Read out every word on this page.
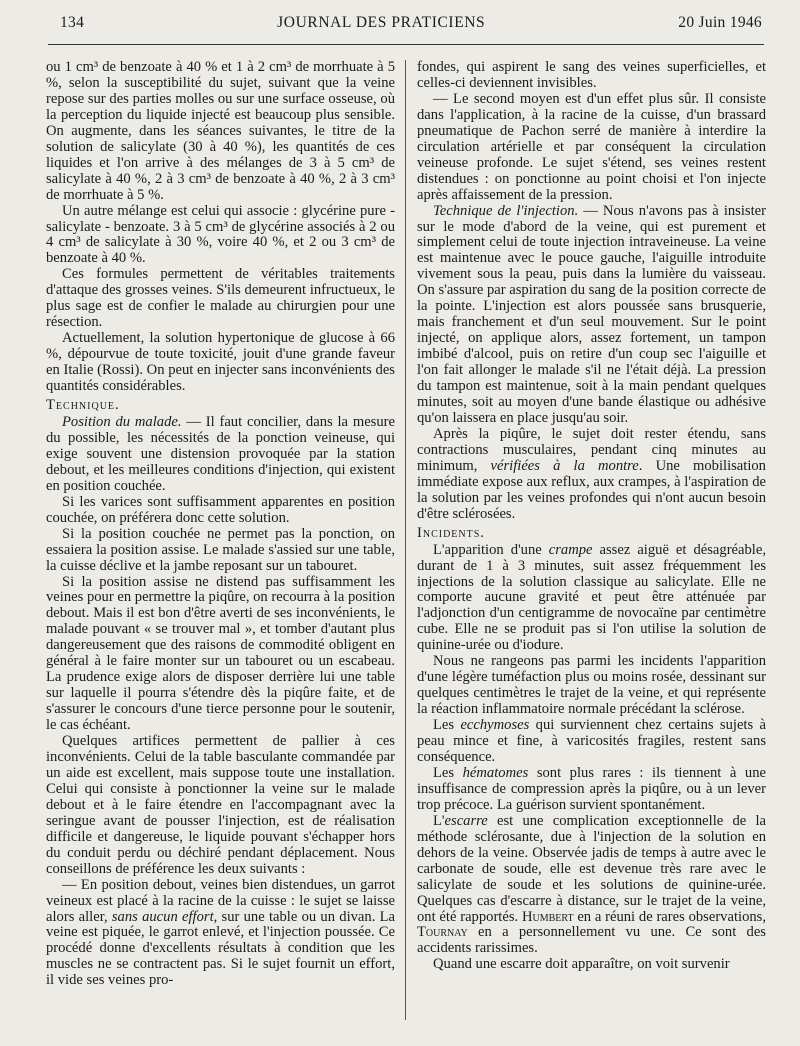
134	JOURNAL DES PRATICIENS	20 Juin 1946

ou 1 cm³ de benzoate à 40 % et 1 à 2 cm³ de morrhuate à 5 %, selon la susceptibilité du sujet, suivant que la veine repose sur des parties molles ou sur une surface osseuse, où la perception du liquide injecté est beaucoup plus sensible. On augmente, dans les séances suivantes, le titre de la solution de salicylate (30 à 40 %), les quantités de ces liquides et l'on arrive à des mélanges de 3 à 5 cm³ de salicylate à 40 %, 2 à 3 cm³ de benzoate à 40 %, 2 à 3 cm³ de morrhuate à 5 %.

Un autre mélange est celui qui associe : glycérine pure - salicylate - benzoate. 3 à 5 cm³ de glycérine associés à 2 ou 4 cm³ de salicylate à 30 %, voire 40 %, et 2 ou 3 cm³ de benzoate à 40 %.

Ces formules permettent de véritables traitements d'attaque des grosses veines. S'ils demeurent infructueux, le plus sage est de confier le malade au chirurgien pour une résection.

Actuellement, la solution hypertonique de glucose à 66 %, dépourvue de toute toxicité, jouit d'une grande faveur en Italie (Rossi). On peut en injecter sans inconvénients des quantités considérables.

Technique.

Position du malade. — Il faut concilier, dans la mesure du possible, les nécessités de la ponction veineuse, qui exige souvent une distension provoquée par la station debout, et les meilleures conditions d'injection, qui existent en position couchée.

Si les varices sont suffisamment apparentes en position couchée, on préférera donc cette solution.

Si la position couchée ne permet pas la ponction, on essaiera la position assise. Le malade s'assied sur une table, la cuisse déclive et la jambe reposant sur un tabouret.

Si la position assise ne distend pas suffisamment les veines pour en permettre la piqûre, on recourra à la position debout. Mais il est bon d'être averti de ses inconvénients, le malade pouvant « se trouver mal », et tomber d'autant plus dangereusement que des raisons de commodité obligent en général à le faire monter sur un tabouret ou un escabeau. La prudence exige alors de disposer derrière lui une table sur laquelle il pourra s'étendre dès la piqûre faite, et de s'assurer le concours d'une tierce personne pour le soutenir, le cas échéant.

Quelques artifices permettent de pallier à ces inconvénients. Celui de la table basculante commandée par un aide est excellent, mais suppose toute une installation. Celui qui consiste à ponctionner la veine sur le malade debout et à le faire étendre en l'accompagnant avec la seringue avant de pousser l'injection, est de réalisation difficile et dangereuse, le liquide pouvant s'échapper hors du conduit perdu ou déchiré pendant déplacement. Nous conseillons de préférence les deux suivants :

— En position debout, veines bien distendues, un garrot veineux est placé à la racine de la cuisse : le sujet se laisse alors aller, sans aucun effort, sur une table ou un divan. La veine est piquée, le garrot enlevé, et l'injection poussée. Ce procédé donne d'excellents résultats à condition que les muscles ne se contractent pas. Si le sujet fournit un effort, il vide ses veines pro-

fondes, qui aspirent le sang des veines superficielles, et celles-ci deviennent invisibles.

— Le second moyen est d'un effet plus sûr. Il consiste dans l'application, à la racine de la cuisse, d'un brassard pneumatique de Pachon serré de manière à interdire la circulation artérielle et par conséquent la circulation veineuse profonde. Le sujet s'étend, ses veines restent distendues : on ponctionne au point choisi et l'on injecte après affaissement de la pression.

Technique de l'injection. — Nous n'avons pas à insister sur le mode d'abord de la veine, qui est purement et simplement celui de toute injection intraveineuse. La veine est maintenue avec le pouce gauche, l'aiguille introduite vivement sous la peau, puis dans la lumière du vaisseau. On s'assure par aspiration du sang de la position correcte de la pointe. L'injection est alors poussée sans brusquerie, mais franchement et d'un seul mouvement. Sur le point injecté, on applique alors, assez fortement, un tampon imbibé d'alcool, puis on retire d'un coup sec l'aiguille et l'on fait allonger le malade s'il ne l'était déjà. La pression du tampon est maintenue, soit à la main pendant quelques minutes, soit au moyen d'une bande élastique ou adhésive qu'on laissera en place jusqu'au soir.

Après la piqûre, le sujet doit rester étendu, sans contractions musculaires, pendant cinq minutes au minimum, vérifiées à la montre. Une mobilisation immédiate expose aux reflux, aux crampes, à l'aspiration de la solution par les veines profondes qui n'ont aucun besoin d'être sclérosées.

Incidents.

L'apparition d'une crampe assez aiguë et désagréable, durant de 1 à 3 minutes, suit assez fréquemment les injections de la solution classique au salicylate. Elle ne comporte aucune gravité et peut être atténuée par l'adjonction d'un centigramme de novocaïne par centimètre cube. Elle ne se produit pas si l'on utilise la solution de quinine-urée ou d'iodure.

Nous ne rangeons pas parmi les incidents l'apparition d'une légère tuméfaction plus ou moins rosée, dessinant sur quelques centimètres le trajet de la veine, et qui représente la réaction inflammatoire normale précédant la sclérose.

Les ecchymoses qui surviennent chez certains sujets à peau mince et fine, à varicosités fragiles, restent sans conséquence.

Les hématomes sont plus rares : ils tiennent à une insuffisance de compression après la piqûre, ou à un lever trop précoce. La guérison survient spontanément.

L'escarre est une complication exceptionnelle de la méthode sclérosante, due à l'injection de la solution en dehors de la veine. Observée jadis de temps à autre avec le carbonate de soude, elle est devenue très rare avec le salicylate de soude et les solutions de quinine-urée. Quelques cas d'escarre à distance, sur le trajet de la veine, ont été rapportés. Humbert en a réuni de rares observations, Tournay en a personnellement vu une. Ce sont des accidents rarissimes.

Quand une escarre doit apparaître, on voit survenir
